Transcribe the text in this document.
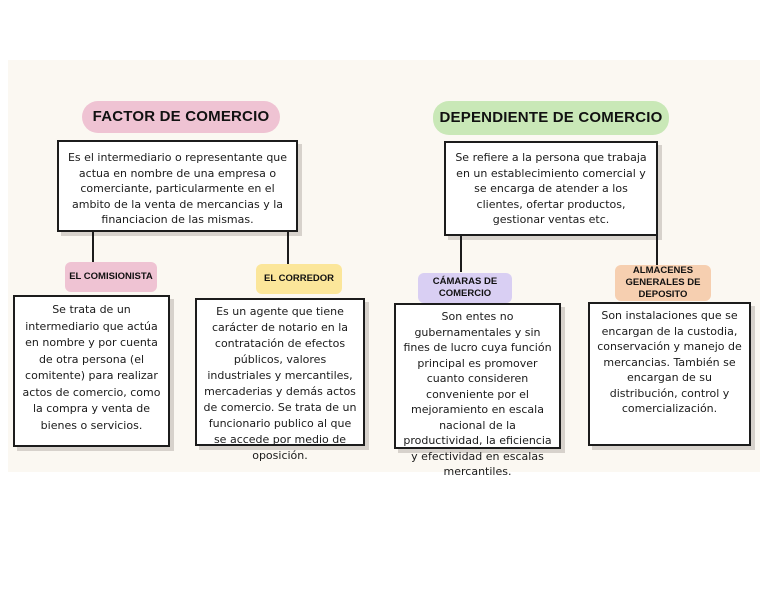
FACTOR DE COMERCIO
Es el intermediario o representante que actua en nombre de una empresa o comerciante, particularmente en el ambito de la venta de mercancias y la financiacion de las mismas.
EL COMISIONISTA	EL CORREDOR
Se trata de un intermediario que actúa en nombre y por cuenta de otra persona (el comitente) para realizar actos de comercio, como la compra y venta de bienes o servicios.
Es un agente que tiene carácter de notario en la contratación de efectos públicos, valores industriales y mercantiles, mercaderias y demás actos de comercio. Se trata de un funcionario publico al que se accede por medio de oposición.
DEPENDIENTE DE COMERCIO
Se refiere a la persona que trabaja en un establecimiento comercial y se encarga de atender a los clientes, ofertar productos, gestionar ventas etc.
CÁMARAS DE COMERCIO
ALMACENES GENERALES DE DEPOSITO
Son entes no gubernamentales y sin fines de lucro cuya función principal es promover cuanto consideren conveniente por el mejoramiento en escala nacional de la productividad, la eficiencia y efectividad en escalas mercantiles.
Son instalaciones que se encargan de la custodia, conservación y manejo de mercancias. También se encargan de su distribución, control y comercialización.
